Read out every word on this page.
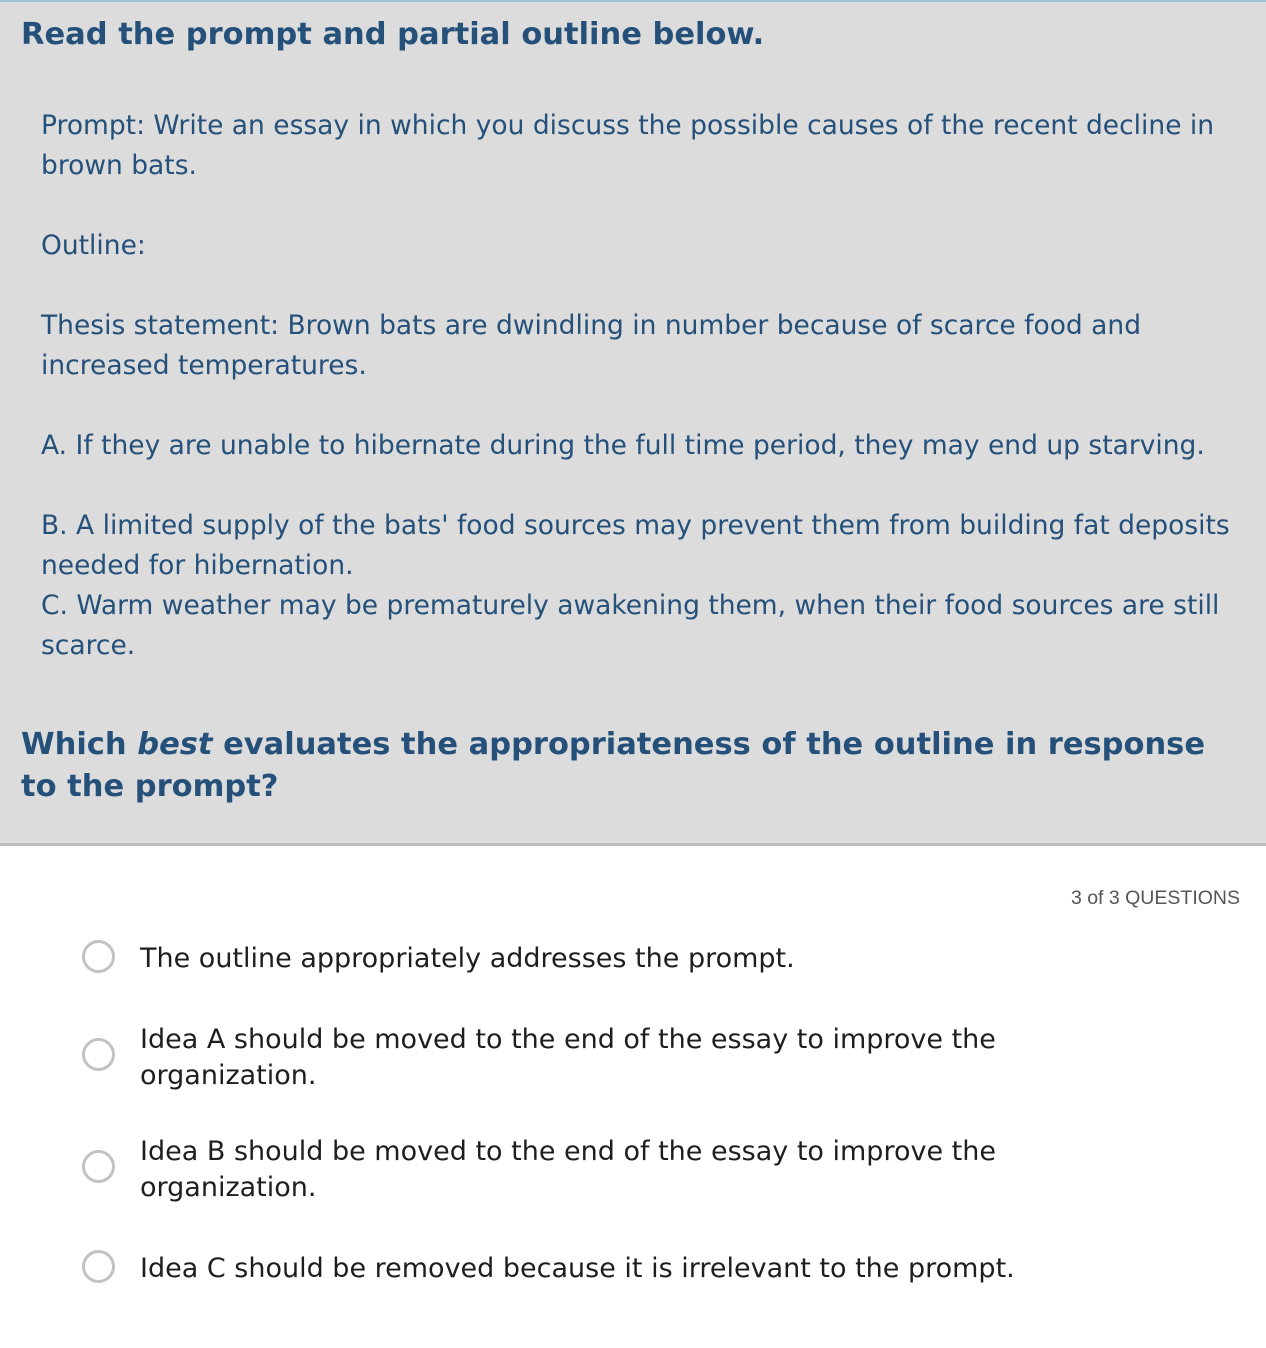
Read the prompt and partial outline below.

Prompt: Write an essay in which you discuss the possible causes of the recent decline in brown bats.

Outline:

Thesis statement: Brown bats are dwindling in number because of scarce food and increased temperatures.

A. If they are unable to hibernate during the full time period, they may end up starving.

B. A limited supply of the bats' food sources may prevent them from building fat deposits needed for hibernation.

C. Warm weather may be prematurely awakening them, when their food sources are still scarce.

Which best evaluates the appropriateness of the outline in response to the prompt?
3 of 3 QUESTIONS
The outline appropriately addresses the prompt.
Idea A should be moved to the end of the essay to improve the organization.
Idea B should be moved to the end of the essay to improve the organization.
Idea C should be removed because it is irrelevant to the prompt.
